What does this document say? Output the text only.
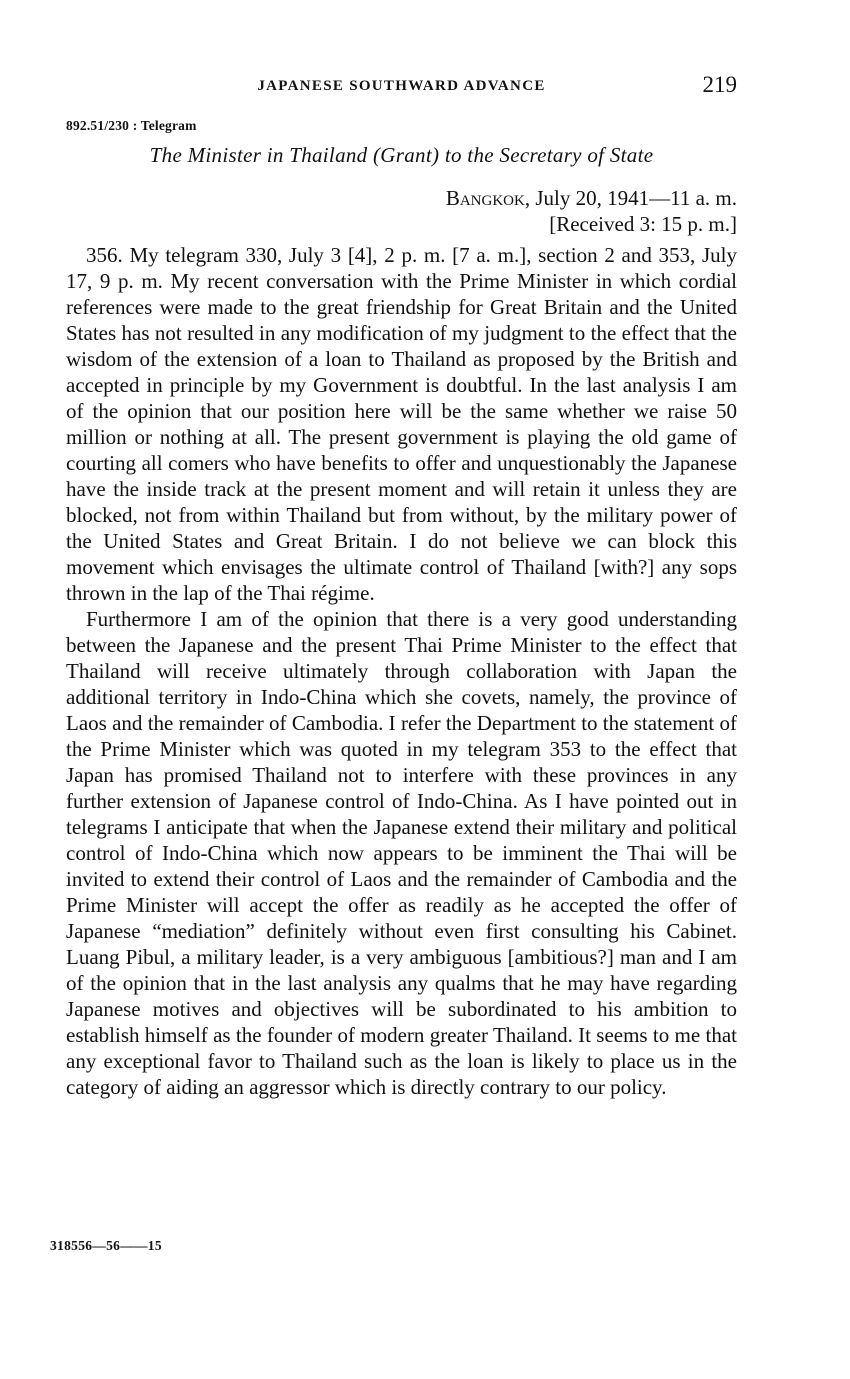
JAPANESE SOUTHWARD ADVANCE	219
892.51/230 : Telegram
The Minister in Thailand (Grant) to the Secretary of State
Bangkok, July 20, 1941—11 a. m.
[Received 3: 15 p. m.]

356. My telegram 330, July 3 [4], 2 p. m. [7 a. m.], section 2 and 353, July 17, 9 p. m. My recent conversation with the Prime Minister in which cordial references were made to the great friendship for Great Britain and the United States has not resulted in any modification of my judgment to the effect that the wisdom of the extension of a loan to Thailand as proposed by the British and accepted in principle by my Government is doubtful. In the last analysis I am of the opinion that our position here will be the same whether we raise 50 million or nothing at all. The present government is playing the old game of courting all comers who have benefits to offer and unquestionably the Japanese have the inside track at the present moment and will retain it unless they are blocked, not from within Thailand but from without, by the military power of the United States and Great Britain. I do not believe we can block this movement which envisages the ultimate control of Thailand [with?] any sops thrown in the lap of the Thai régime.

Furthermore I am of the opinion that there is a very good understanding between the Japanese and the present Thai Prime Minister to the effect that Thailand will receive ultimately through collaboration with Japan the additional territory in Indo-China which she covets, namely, the province of Laos and the remainder of Cambodia. I refer the Department to the statement of the Prime Minister which was quoted in my telegram 353 to the effect that Japan has promised Thailand not to interfere with these provinces in any further extension of Japanese control of Indo-China. As I have pointed out in telegrams I anticipate that when the Japanese extend their military and political control of Indo-China which now appears to be imminent the Thai will be invited to extend their control of Laos and the remainder of Cambodia and the Prime Minister will accept the offer as readily as he accepted the offer of Japanese “mediation” definitely without even first consulting his Cabinet. Luang Pibul, a military leader, is a very ambiguous [ambitious?] man and I am of the opinion that in the last analysis any qualms that he may have regarding Japanese motives and objectives will be subordinated to his ambition to establish himself as the founder of modern greater Thailand. It seems to me that any exceptional favor to Thailand such as the loan is likely to place us in the category of aiding an aggressor which is directly contrary to our policy.

318556—56——15
